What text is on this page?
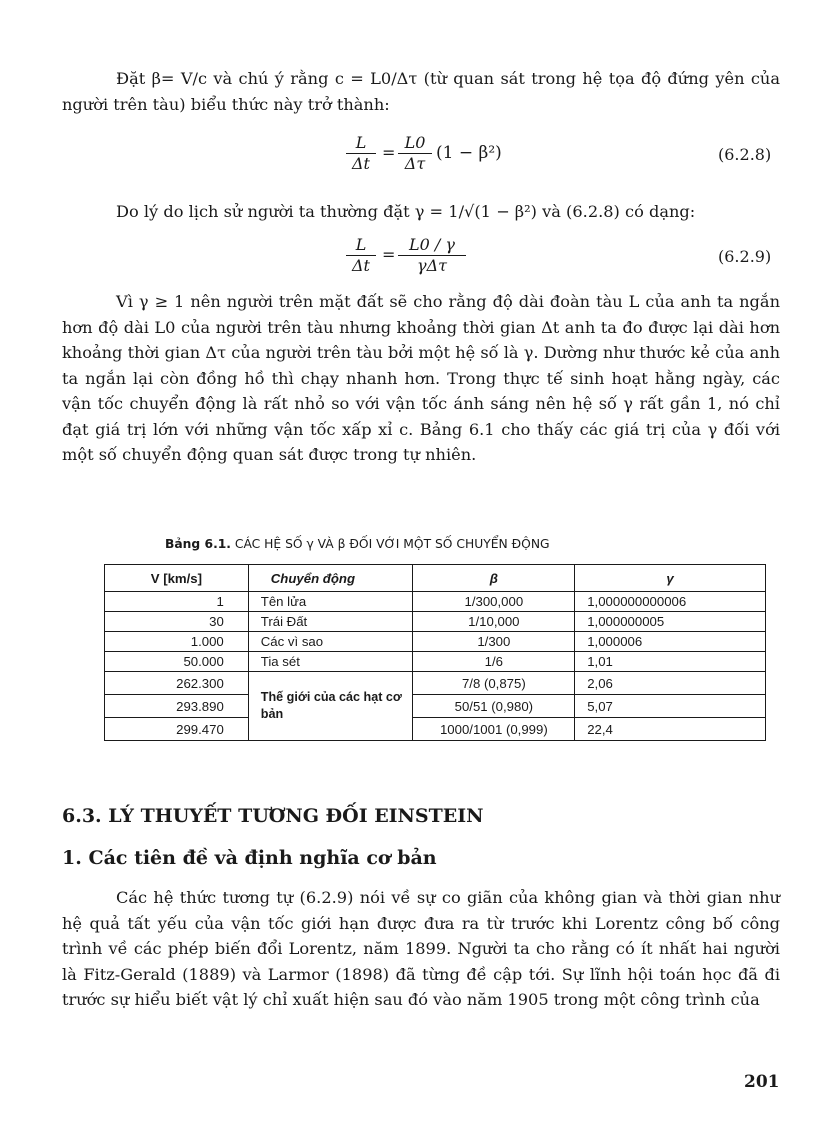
Đặt β= V/c và chú ý rằng c = L0/Δτ (từ quan sát trong hệ tọa độ đứng yên của người trên tàu) biểu thức này trở thành:

$\frac{L}{\Delta t} = \frac{L0}{\Delta\tau} (1 - \beta^2)$	(6.2.8)

Do lý do lịch sử người ta thường đặt γ = 1/√(1 − β²) và (6.2.8) có dạng:

$\frac{L}{\Delta t}$ =
L0 / γ
γΔτ	(6.2.9)

Vì γ ≥ 1 nên người trên mặt đất sẽ cho rằng độ dài đoàn tàu L của anh ta ngắn hơn độ dài L0 của người trên tàu nhưng khoảng thời gian Δt anh ta đo được lại dài hơn khoảng thời gian Δτ của người trên tàu bởi một hệ số là γ. Dường như thước kẻ của anh ta ngắn lại còn đồng hồ thì chạy nhanh hơn. Trong thực tế sinh hoạt hằng ngày, các vận tốc chuyển động là rất nhỏ so với vận tốc ánh sáng nên hệ số γ rất gần 1, nó chỉ đạt giá trị lớn với những vận tốc xấp xỉ c. Bảng 6.1 cho thấy các giá trị của γ đối với một số chuyển động quan sát được trong tự nhiên.

Bảng 6.1. CÁC HỆ SỐ γ VÀ β ĐỐI VỚI MỘT SỐ CHUYỂN ĐỘNG
V [km/s]	Chuyển động	β	γ
1	Tên lửa	1/300,000	1,000000000006
30	Trái Đất	1/10,000	1,000000005
1.000	Các vì sao	1/300	1,000006
50.000	Tia sét	1/6	1,01
262.300	Thế giới của các hạt cơ bản	7/8 (0,875)	2,06
293.890		50/51 (0,980)	5,07
299.470		1000/1001 (0,999)	22,4
6.3. LÝ THUYẾT TƯƠNG ĐỐI EINSTEIN
1. Các tiên đề và định nghĩa cơ bản

Các hệ thức tương tự (6.2.9) nói về sự co giãn của không gian và thời gian như hệ quả tất yếu của vận tốc giới hạn được đưa ra từ trước khi Lorentz công bố công trình về các phép biến đổi Lorentz, năm 1899. Người ta cho rằng có ít nhất hai người là Fitz-Gerald (1889) và Larmor (1898) đã từng đề cập tới. Sự lĩnh hội toán học đã đi trước sự hiểu biết vật lý chỉ xuất hiện sau đó vào năm 1905 trong một công trình của

201
